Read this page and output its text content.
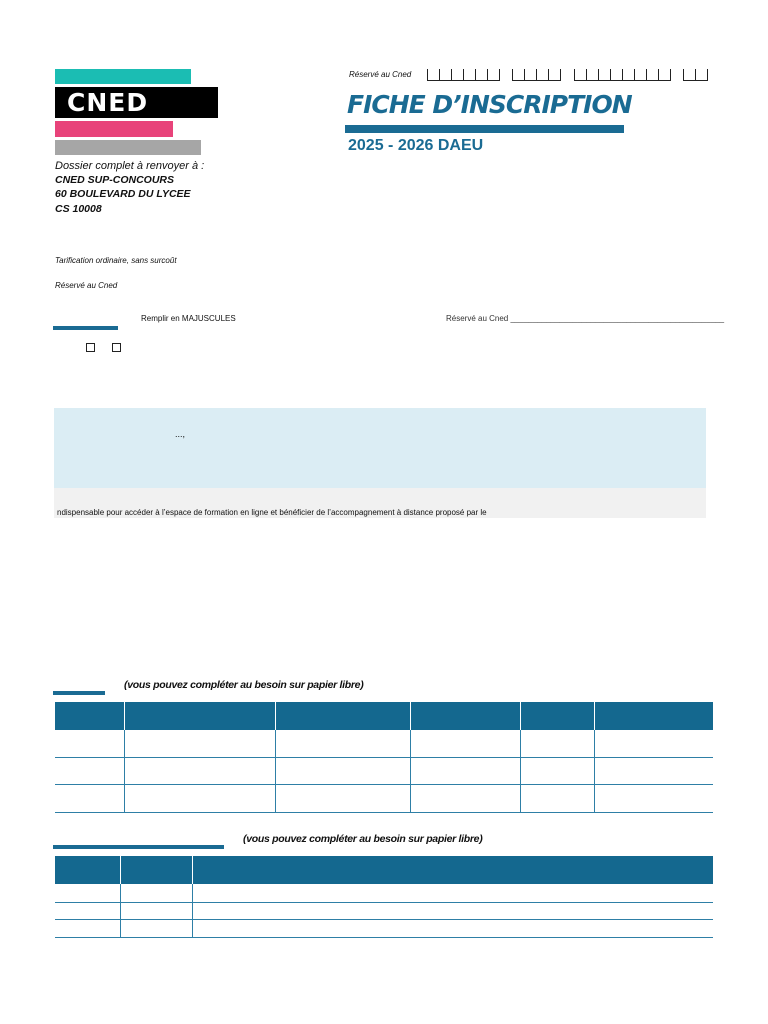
CNED
Dossier complet à renvoyer à :
CNED SUP-CONCOURS
60 BOULEVARD DU LYCEE
CS 10008
Réservé au Cned
FICHE D’INSCRIPTION
2025 - 2026 DAEU
Tarification ordinaire, sans surcoût
Réservé au Cned
Remplir en MAJUSCULES	Réservé au Cned ________________________________________________
...,
ndispensable pour accéder à l’espace de formation en ligne et bénéficier de l’accompagnement à distance proposé par le
(vous pouvez compléter au besoin sur papier libre)

(vous pouvez compléter au besoin sur papier libre)
